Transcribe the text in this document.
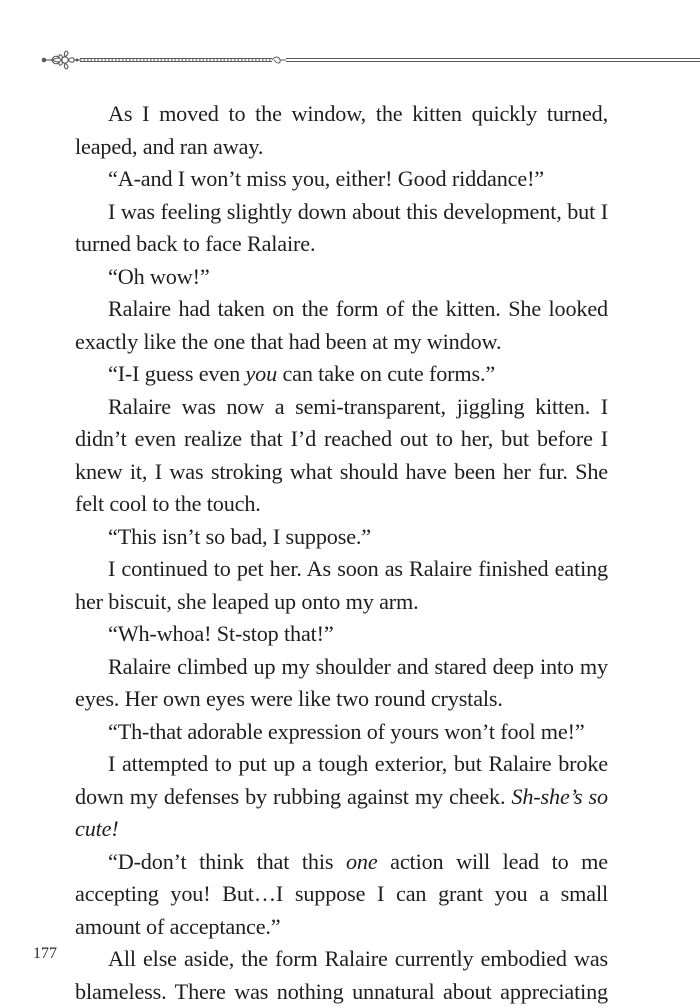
As I moved to the window, the kitten quickly turned, leaped, and ran away.

“A-and I won’t miss you, either! Good riddance!”

I was feeling slightly down about this development, but I turned back to face Ralaire.

“Oh wow!”

Ralaire had taken on the form of the kitten. She looked exactly like the one that had been at my window.

“I-I guess even you can take on cute forms.”

Ralaire was now a semi-transparent, jiggling kitten. I didn’t even realize that I’d reached out to her, but before I knew it, I was stroking what should have been her fur. She felt cool to the touch.

“This isn’t so bad, I suppose.”

I continued to pet her. As soon as Ralaire finished eating her biscuit, she leaped up onto my arm.

“Wh-whoa! St-stop that!”

Ralaire climbed up my shoulder and stared deep into my eyes. Her own eyes were like two round crystals.

“Th-that adorable expression of yours won’t fool me!”

I attempted to put up a tough exterior, but Ralaire broke down my defenses by rubbing against my cheek. Sh-she’s so cute!

“D-don’t think that this one action will lead to me accepting you! But…I suppose I can grant you a small amount of acceptance.”

All else aside, the form Ralaire currently embodied was blameless. There was nothing unnatural about appreciating

177
